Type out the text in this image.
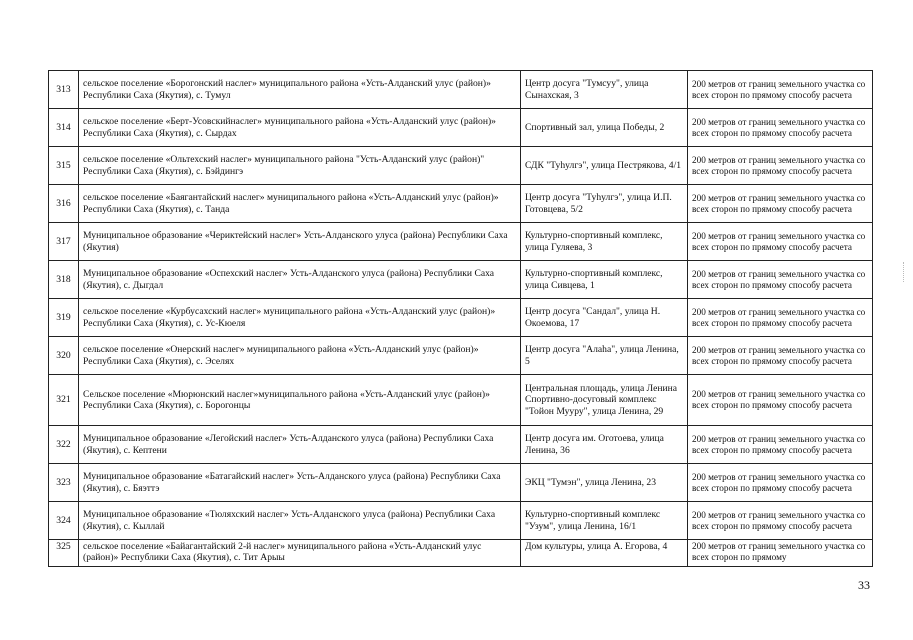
313	сельское поселение «Борогонский наслег» муниципального района «Усть-Алданский улус (район)» Республики Саха (Якутия), с. Тумул	Центр досуга "Тумсуу", улица Сынахская, 3	200 метров от границ земельного участка со всех сторон по прямому способу расчета
314	сельское поселение «Берт-Усовскийнаслег» муниципального района «Усть-Алданский улус (район)» Республики Саха (Якутия), с. Сырдах	Спортивный зал, улица Победы, 2	200 метров от границ земельного участка со всех сторон по прямому способу расчета
315	сельское поселение «Ольтехский наслег» муниципального района "Усть-Алданский улус (район)" Республики Саха (Якутия), с. Бэйдингэ	СДК "Туһулгэ", улица Пестрякова, 4/1	200 метров от границ земельного участка со всех сторон по прямому способу расчета
316	сельское поселение «Баягантайский наслег» муниципального района «Усть-Алданский улус (район)» Республики Саха (Якутия), с. Танда	Центр досуга "Туһулгэ", улица И.П. Готовцева, 5/2	200 метров от границ земельного участка со всех сторон по прямому способу расчета
317	Муниципальное образование «Чериктейский наслег» Усть-Алданского улуса (района) Республики Саха (Якутия)	Культурно-спортивный комплекс, улица Гуляева, 3	200 метров от границ земельного участка со всех сторон по прямому способу расчета
318	Муниципальное образование «Оспехский наслег» Усть-Алданского улуса (района) Республики Саха (Якутия), с. Дыгдал	Культурно-спортивный комплекс, улица Сивцева, 1	200 метров от границ земельного участка со всех сторон по прямому способу расчета
319	сельское поселение «Курбусахский наслег» муниципального района «Усть-Алданский улус (район)» Республики Саха (Якутия), с. Ус-Кюеля	Центр досуга "Сандал", улица Н. Окоемова, 17	200 метров от границ земельного участка со всех сторон по прямому способу расчета
320	сельское поселение «Онерский наслег» муниципального района «Усть-Алданский улус (район)» Республики Саха (Якутия), с. Эселях	Центр досуга "Алаһа", улица Ленина, 5	200 метров от границ земельного участка со всех сторон по прямому способу расчета
321	Сельское поселение «Мюрюнский наслег»муниципального района «Усть-Алданский улус (район)» Республики Саха (Якутия), с. Борогонцы	Центральная площадь, улица Ленина Спортивно-досуговый комплекс "Тойон Мууру", улица Ленина, 29	200 метров от границ земельного участка со всех сторон по прямому способу расчета
322	Муниципальное образование «Легойский наслег» Усть-Алданского улуса (района) Республики Саха (Якутия), с. Кептени	Центр досуга им. Оготоева, улица Ленина, 36	200 метров от границ земельного участка со всех сторон по прямому способу расчета
323	Муниципальное образование «Батагайский наслег» Усть-Алданского улуса (района) Республики Саха (Якутия), с. Бяэттэ	ЭКЦ "Тумэн", улица Ленина, 23	200 метров от границ земельного участка со всех сторон по прямому способу расчета
324	Муниципальное образование «Тюляхский наслег» Усть-Алданского улуса (района) Республики Саха (Якутия), с. Кыллай	Культурно-спортивный комплекс "Узум", улица Ленина, 16/1	200 метров от границ земельного участка со всех сторон по прямому способу расчета
325	сельское поселение «Байагантайский 2-й наслег» муниципального района «Усть-Алданский улус (район)» Республики Саха (Якутия), с. Тит Арыы	Дом культуры, улица А. Егорова, 4	200 метров от границ земельного участка со всех сторон по прямому
33
